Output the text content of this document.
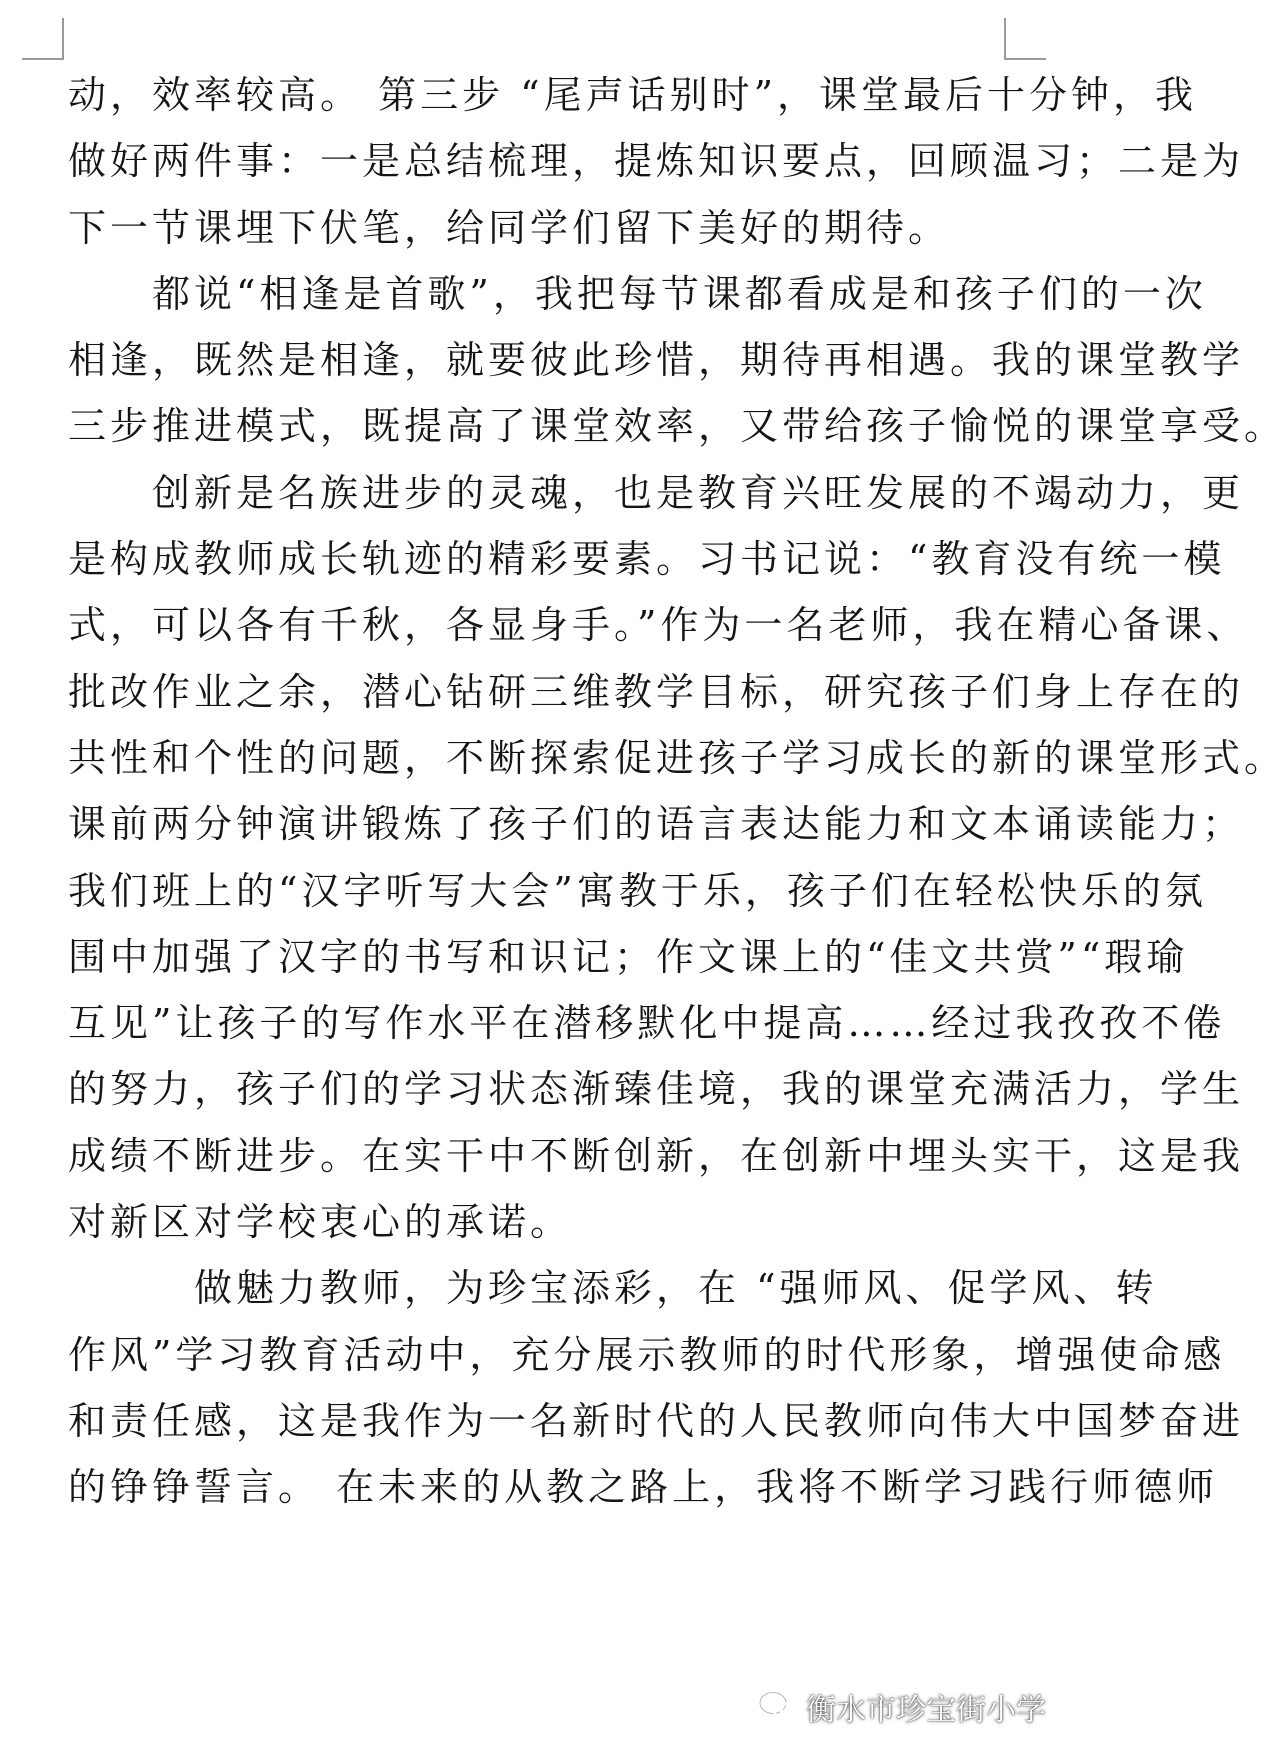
动，效率较高。 第三步 “尾声话别时”，课堂最后十分钟，我
做好两件事：一是总结梳理，提炼知识要点，回顾温习；二是为
下一节课埋下伏笔，给同学们留下美好的期待。
　　都说“相逢是首歌”，我把每节课都看成是和孩子们的一次
相逢，既然是相逢，就要彼此珍惜，期待再相遇。我的课堂教学
三步推进模式，既提高了课堂效率，又带给孩子愉悦的课堂享受。
　　创新是名族进步的灵魂，也是教育兴旺发展的不竭动力，更
是构成教师成长轨迹的精彩要素。习书记说：“教育没有统一模
式，可以各有千秋，各显身手。”作为一名老师，我在精心备课、
批改作业之余，潜心钻研三维教学目标，研究孩子们身上存在的
共性和个性的问题，不断探索促进孩子学习成长的新的课堂形式。
课前两分钟演讲锻炼了孩子们的语言表达能力和文本诵读能力；
我们班上的“汉字听写大会”寓教于乐，孩子们在轻松快乐的氛
围中加强了汉字的书写和识记；作文课上的“佳文共赏”“瑕瑜
互见”让孩子的写作水平在潜移默化中提高……经过我孜孜不倦
的努力，孩子们的学习状态渐臻佳境，我的课堂充满活力，学生
成绩不断进步。在实干中不断创新，在创新中埋头实干，这是我
对新区对学校衷心的承诺。
　　　做魅力教师，为珍宝添彩，在 “强师风、促学风、转
作风”学习教育活动中，充分展示教师的时代形象，增强使命感
和责任感，这是我作为一名新时代的人民教师向伟大中国梦奋进
的铮铮誓言。 在未来的从教之路上，我将不断学习践行师德师
衡水市珍宝街小学
